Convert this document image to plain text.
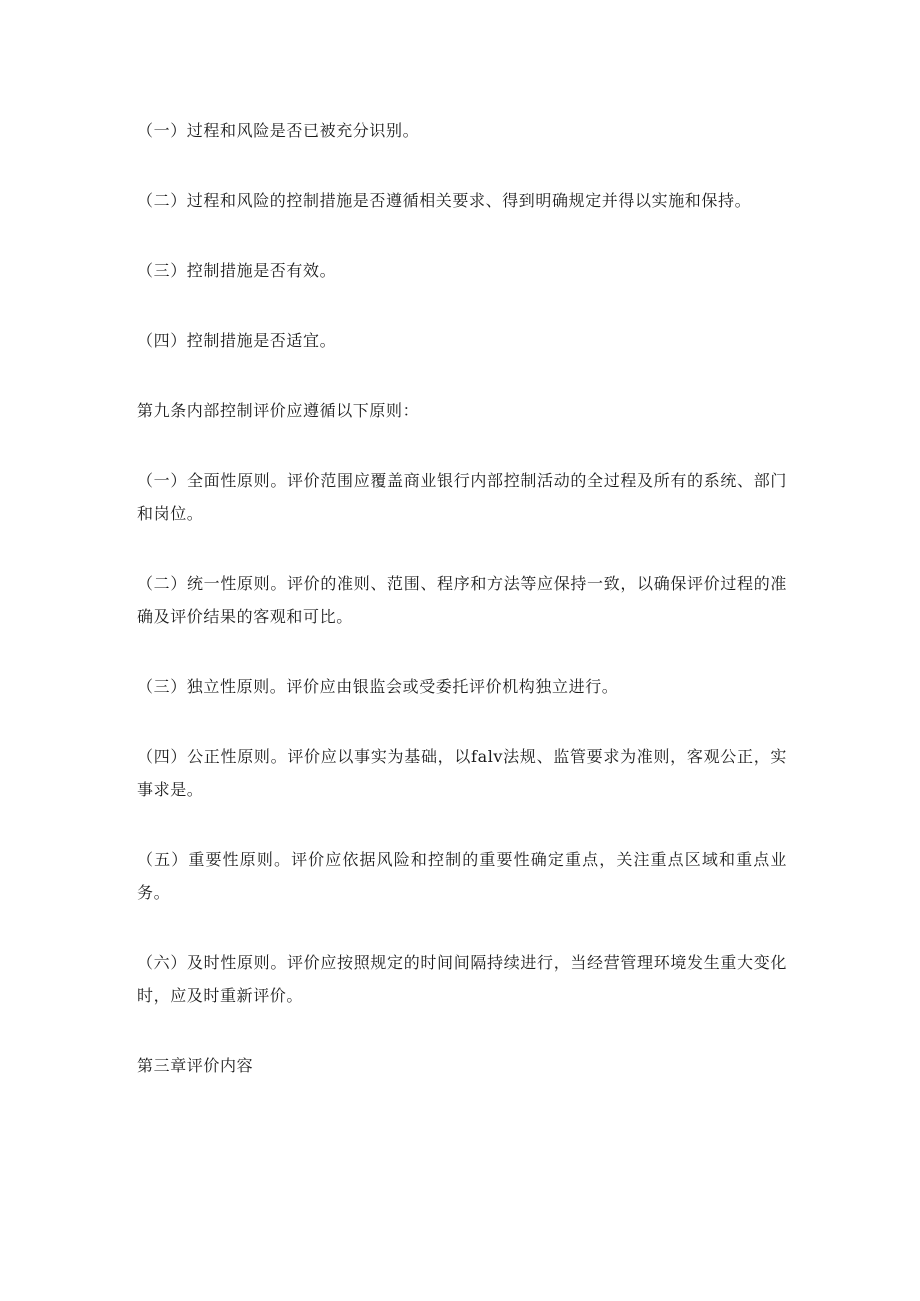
（一）过程和风险是否已被充分识别。

（二）过程和风险的控制措施是否遵循相关要求、得到明确规定并得以实施和保持。

（三）控制措施是否有效。

（四）控制措施是否适宜。

第九条内部控制评价应遵循以下原则：

（一）全面性原则。评价范围应覆盖商业银行内部控制活动的全过程及所有的系统、部门和岗位。

（二）统一性原则。评价的准则、范围、程序和方法等应保持一致，以确保评价过程的准确及评价结果的客观和可比。

（三）独立性原则。评价应由银监会或受委托评价机构独立进行。

（四）公正性原则。评价应以事实为基础，以falv法规、监管要求为准则，客观公正，实事求是。

（五）重要性原则。评价应依据风险和控制的重要性确定重点，关注重点区域和重点业务。

（六）及时性原则。评价应按照规定的时间间隔持续进行，当经营管理环境发生重大变化时，应及时重新评价。

第三章评价内容
